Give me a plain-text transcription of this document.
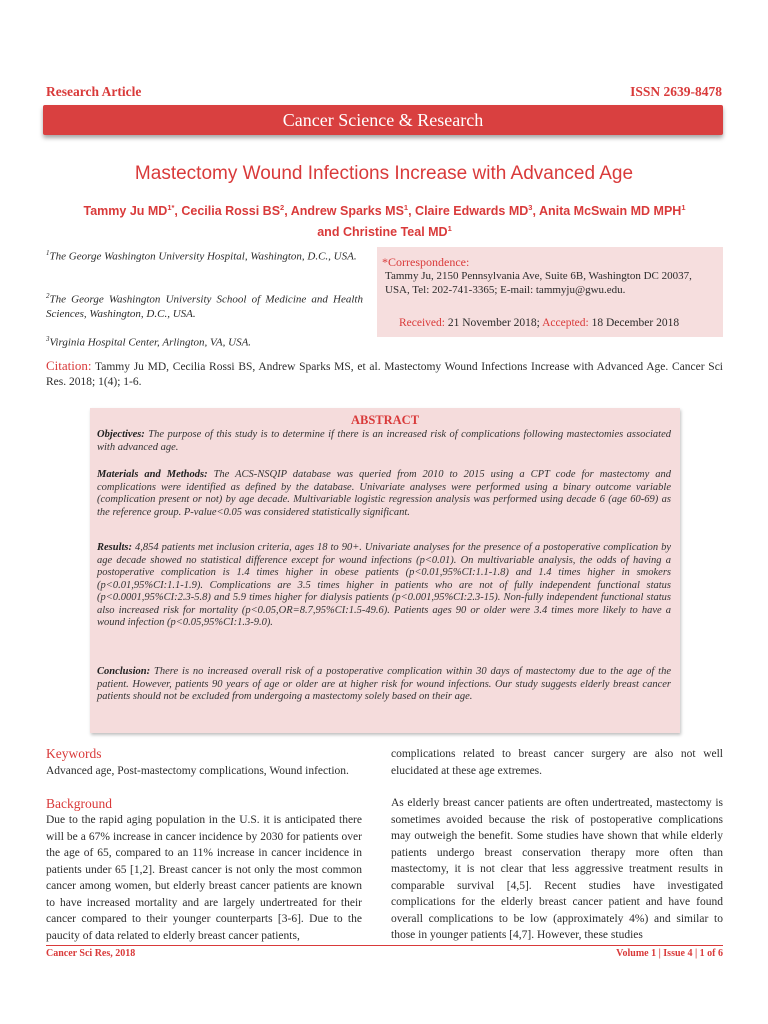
Research Article	ISSN 2639-8478
Cancer Science & Research
Mastectomy Wound Infections Increase with Advanced Age
Tammy Ju $MD^{1*}$, Cecilia Rossi $BS^2$, Andrew Sparks $MS^1$, Claire Edwards $MD^3$, Anita McSwain MD MPH$^1$
and Christine Teal $MD^1$
$^1$The George Washington University Hospital, Washington, D.C., USA.
$^2$The George Washington University School of Medicine and Health Sciences, Washington, D.C., USA.
$^3$Virginia Hospital Center, Arlington, VA, USA.
*Correspondence:
Tammy Ju, 2150 Pennsylvania Ave, Suite 6B, Washington DC 20037, USA, Tel: 202-741-3365; E-mail: tammyju@gwu.edu.
Received: 21 November 2018; Accepted: 18 December 2018
Citation: Tammy Ju MD, Cecilia Rossi BS, Andrew Sparks MS, et al. Mastectomy Wound Infections Increase with Advanced Age. Cancer Sci Res. 2018; 1(4); 1-6.
ABSTRACT
Objectives: The purpose of this study is to determine if there is an increased risk of complications following mastectomies associated with advanced age.
Materials and Methods: The ACS-NSQIP database was queried from 2010 to 2015 using a CPT code for mastectomy and complications were identified as defined by the database. Univariate analyses were performed using a binary outcome variable (complication present or not) by age decade. Multivariable logistic regression analysis was performed using decade 6 (age 60-69) as the reference group. P-value<0.05 was considered statistically significant.
Results: 4,854 patients met inclusion criteria, ages 18 to 90+. Univariate analyses for the presence of a postoperative complication by age decade showed no statistical difference except for wound infections (p<0.01). On multivariable analysis, the odds of having a postoperative complication is 1.4 times higher in obese patients (p<0.01,95%CI:1.1-1.8) and 1.4 times higher in smokers (p<0.01,95%CI:1.1-1.9). Complications are 3.5 times higher in patients who are not of fully independent functional status (p<0.0001,95%CI:2.3-5.8) and 5.9 times higher for dialysis patients (p<0.001,95%CI:2.3-15). Non-fully independent functional status also increased risk for mortality (p<0.05,OR=8.7,95%CI:1.5-49.6). Patients ages 90 or older were 3.4 times more likely to have a wound infection (p<0.05,95%CI:1.3-9.0).
Conclusion: There is no increased overall risk of a postoperative complication within 30 days of mastectomy due to the age of the patient. However, patients 90 years of age or older are at higher risk for wound infections. Our study suggests elderly breast cancer patients should not be excluded from undergoing a mastectomy solely based on their age.
Keywords
Advanced age, Post-mastectomy complications, Wound infection.
Background
Due to the rapid aging population in the U.S. it is anticipated there will be a 67% increase in cancer incidence by 2030 for patients over the age of 65, compared to an 11% increase in cancer incidence in patients under 65 [1,2]. Breast cancer is not only the most common cancer among women, but elderly breast cancer patients are known to have increased mortality and are largely undertreated for their cancer compared to their younger counterparts [3-6]. Due to the paucity of data related to elderly breast cancer patients,
complications related to breast cancer surgery are also not well elucidated at these age extremes.
As elderly breast cancer patients are often undertreated, mastectomy is sometimes avoided because the risk of postoperative complications may outweigh the benefit. Some studies have shown that while elderly patients undergo breast conservation therapy more often than mastectomy, it is not clear that less aggressive treatment results in comparable survival [4,5]. Recent studies have investigated complications for the elderly breast cancer patient and have found overall complications to be low (approximately 4%) and similar to those in younger patients [4,7]. However, these studies
Cancer Sci Res, 2018	Volume 1 | Issue 4 | 1 of 6
